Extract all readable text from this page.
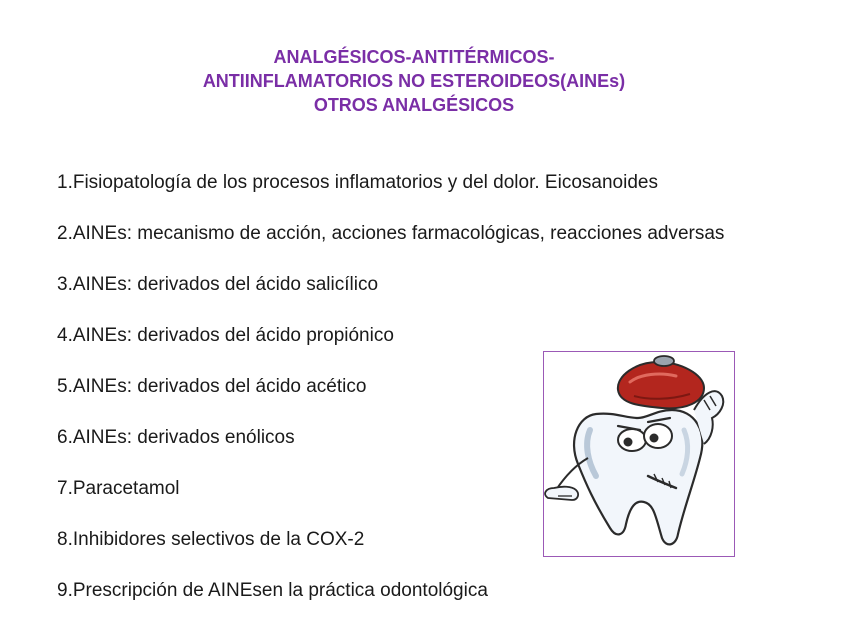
ANALGÉSICOS-ANTITÉRMICOS-
ANTIINFLAMATORIOS NO ESTEROIDEOS(AINEs)
OTROS ANALGÉSICOS
1.Fisiopatología de los procesos inflamatorios y del dolor. Eicosanoides
2.AINEs: mecanismo de acción, acciones farmacológicas, reacciones adversas
3.AINEs: derivados del ácido salicílico
4.AINEs: derivados del ácido propiónico
5.AINEs: derivados del ácido acético
6.AINEs: derivados enólicos
7.Paracetamol
8.Inhibidores selectivos de la COX-2
9.Prescripción de AINEsen la práctica odontológica
